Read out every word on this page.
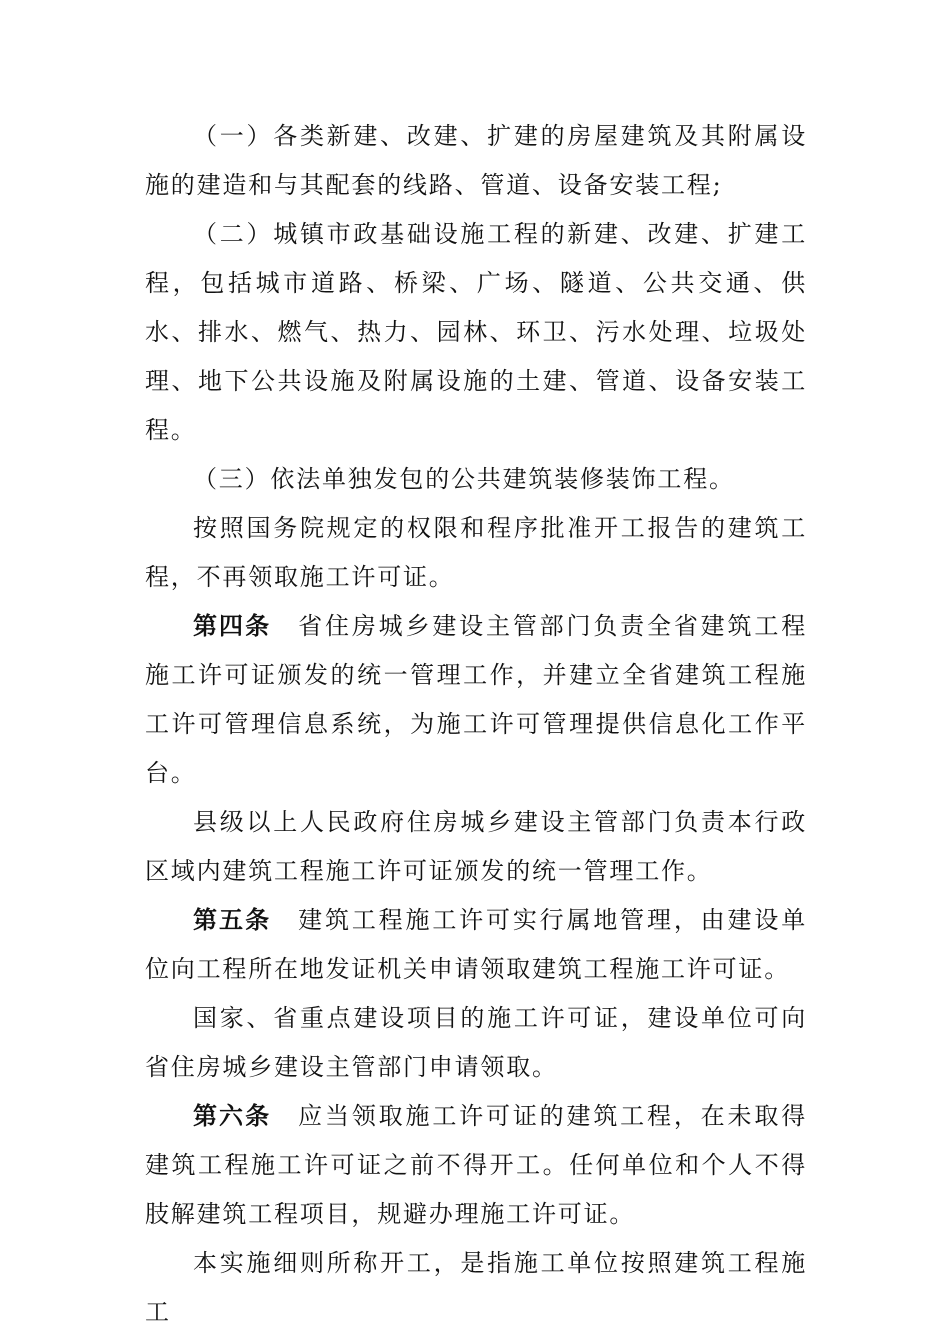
（一）各类新建、改建、扩建的房屋建筑及其附属设施的建造和与其配套的线路、管道、设备安装工程;

（二）城镇市政基础设施工程的新建、改建、扩建工程，包括城市道路、桥梁、广场、隧道、公共交通、供水、排水、燃气、热力、园林、环卫、污水处理、垃圾处理、地下公共设施及附属设施的土建、管道、设备安装工程。

（三）依法单独发包的公共建筑装修装饰工程。

按照国务院规定的权限和程序批准开工报告的建筑工程，不再领取施工许可证。

第四条 省住房城乡建设主管部门负责全省建筑工程施工许可证颁发的统一管理工作，并建立全省建筑工程施工许可管理信息系统，为施工许可管理提供信息化工作平台。

县级以上人民政府住房城乡建设主管部门负责本行政区域内建筑工程施工许可证颁发的统一管理工作。

第五条 建筑工程施工许可实行属地管理，由建设单位向工程所在地发证机关申请领取建筑工程施工许可证。

国家、省重点建设项目的施工许可证，建设单位可向省住房城乡建设主管部门申请领取。

第六条 应当领取施工许可证的建筑工程，在未取得建筑工程施工许可证之前不得开工。任何单位和个人不得肢解建筑工程项目，规避办理施工许可证。

本实施细则所称开工，是指施工单位按照建筑工程施工
